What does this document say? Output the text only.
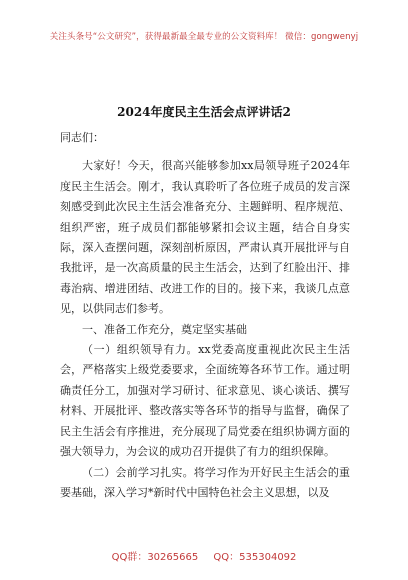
关注头条号“公文研究”，获得最新最全最专业的公文资料库！ 微信：gongwenyj
2024年度民主生活会点评讲话2

同志们：

大家好！今天，很高兴能够参加xx局领导班子2024年度民主生活会。刚才，我认真聆听了各位班子成员的发言深刻感受到此次民主生活会准备充分、主题鲜明、程序规范、组织严密，班子成员们都能够紧扣会议主题，结合自身实际，深入查摆问题，深刻剖析原因，严肃认真开展批评与自我批评，是一次高质量的民主生活会，达到了红脸出汗、排毒治病、增进团结、改进工作的目的。接下来，我谈几点意见，以供同志们参考。

一、准备工作充分，奠定坚实基础

（一）组织领导有力。xx党委高度重视此次民主生活会，严格落实上级党委要求，全面统筹各环节工作。通过明确责任分工，加强对学习研讨、征求意见、谈心谈话、撰写材料、开展批评、整改落实等各环节的指导与监督，确保了民主生活会有序推进，充分展现了局党委在组织协调方面的强大领导力，为会议的成功召开提供了有力的组织保障。

（二）会前学习扎实。将学习作为开好民主生活会的重要基础，深入学习*新时代中国特色社会主义思想，以及

QQ群：30265665 QQ：535304092
